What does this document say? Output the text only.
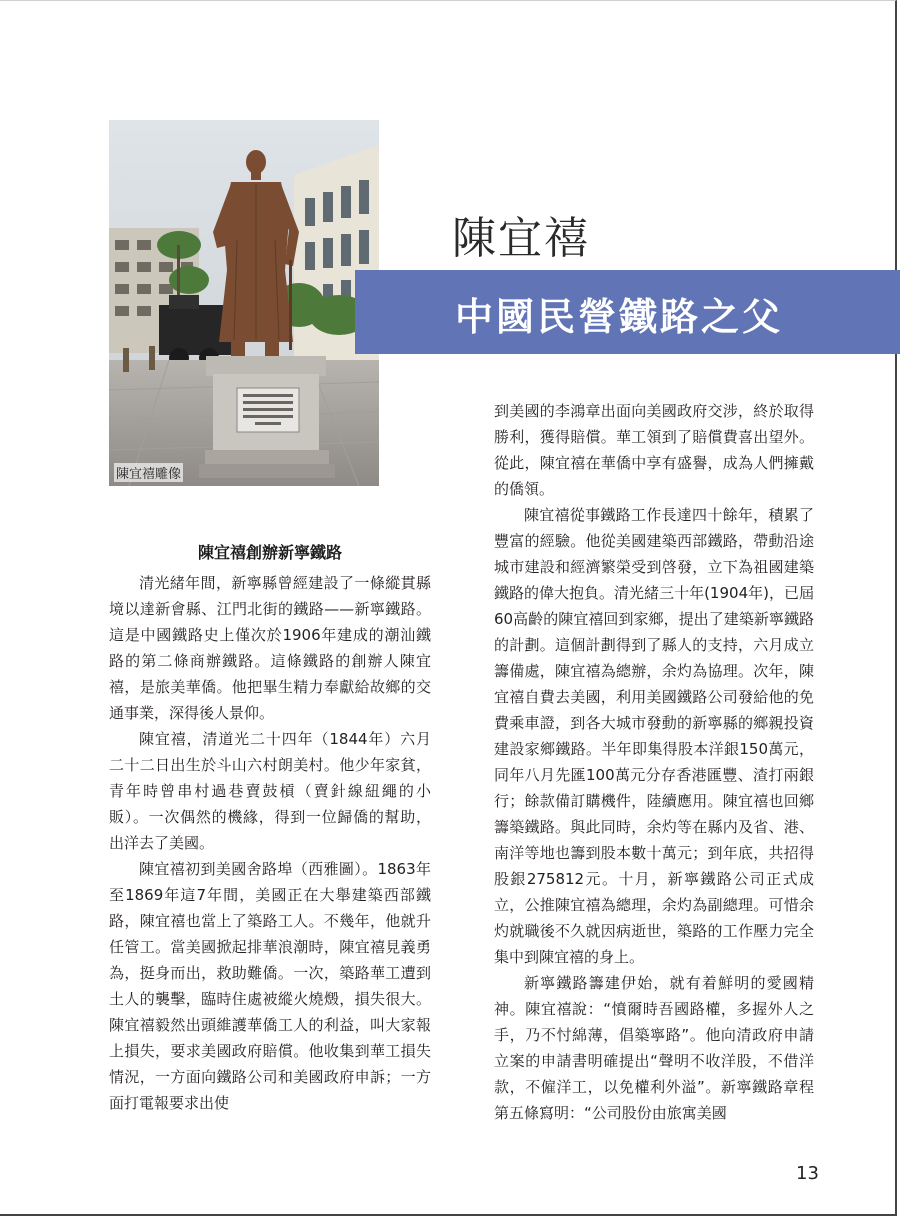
陳宜禧雕像
陳宜禧
中國民營鐵路之父
陳宜禧創辦新寧鐵路

清光緒年間，新寧縣曾經建設了一條縱貫縣境以達新會縣、江門北街的鐵路——新寧鐵路。這是中國鐵路史上僅次於1906年建成的潮汕鐵路的第二條商辦鐵路。這條鐵路的創辦人陳宜禧，是旅美華僑。他把畢生精力奉獻給故鄉的交通事業，深得後人景仰。

陳宜禧，清道光二十四年（1844年）六月二十二日出生於斗山六村朗美村。他少年家貧，青年時曾串村過巷賣鼓槓（賣針線紐繩的小販）。一次偶然的機緣，得到一位歸僑的幫助，出洋去了美國。

陳宜禧初到美國舍路埠（西雅圖）。1863年至1869年這7年間，美國正在大舉建築西部鐵路，陳宜禧也當上了築路工人。不幾年，他就升任管工。當美國掀起排華浪潮時，陳宜禧見義勇為，挺身而出，救助難僑。一次，築路華工遭到土人的襲擊，臨時住處被縱火燒燬，損失很大。陳宜禧毅然出頭維護華僑工人的利益，叫大家報上損失，要求美國政府賠償。他收集到華工損失情況，一方面向鐵路公司和美國政府申訴；一方面打電報要求出使

到美國的李鴻章出面向美國政府交涉，終於取得勝利，獲得賠償。華工領到了賠償費喜出望外。從此，陳宜禧在華僑中享有盛譽，成為人們擁戴的僑領。

陳宜禧從事鐵路工作長達四十餘年，積累了豐富的經驗。他從美國建築西部鐵路，帶動沿途城市建設和經濟繁榮受到啓發，立下為祖國建築鐵路的偉大抱負。清光緒三十年(1904年)，已屆60高齡的陳宜禧回到家鄉，提出了建築新寧鐵路的計劃。這個計劃得到了縣人的支持，六月成立籌備處，陳宜禧為總辦，余灼為協理。次年，陳宜禧自費去美國，利用美國鐵路公司發給他的免費乘車證，到各大城市發動的新寧縣的鄉親投資建設家鄉鐵路。半年即集得股本洋銀150萬元，同年八月先匯100萬元分存香港匯豐、渣打兩銀行；餘款備訂購機件，陸續應用。陳宜禧也回鄉籌築鐵路。與此同時，余灼等在縣内及省、港、南洋等地也籌到股本數十萬元；到年底，共招得股銀275812元。十月，新寧鐵路公司正式成立，公推陳宜禧為總理，余灼為副總理。可惜余灼就職後不久就因病逝世，築路的工作壓力完全集中到陳宜禧的身上。

新寧鐵路籌建伊始，就有着鮮明的愛國精神。陳宜禧說：“憤爾時吾國路權，多握外人之手，乃不忖綿薄，倡築寧路”。他向清政府申請立案的申請書明確提出“聲明不收洋股，不借洋款，不僱洋工，以免權利外溢”。新寧鐵路章程第五條寫明：“公司股份由旅寓美國

13
